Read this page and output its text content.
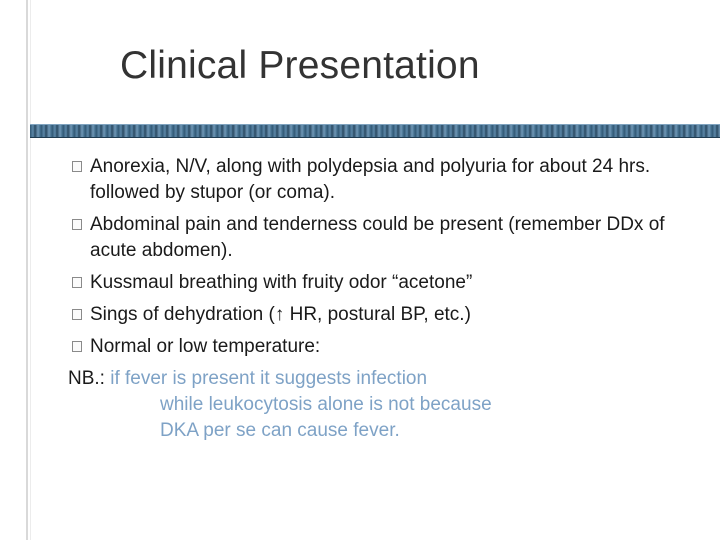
Clinical Presentation
Anorexia, N/V, along with polydepsia and polyuria for about 24 hrs. followed by stupor (or coma).
Abdominal pain and tenderness could be present (remember DDx of acute abdomen).
Kussmaul breathing with fruity odor “acetone”
Sings of dehydration (↑ HR, postural BP, etc.)
Normal or low temperature:
NB.: if fever is present it suggests infection
while leukocytosis alone is not because
DKA per se can cause fever.
